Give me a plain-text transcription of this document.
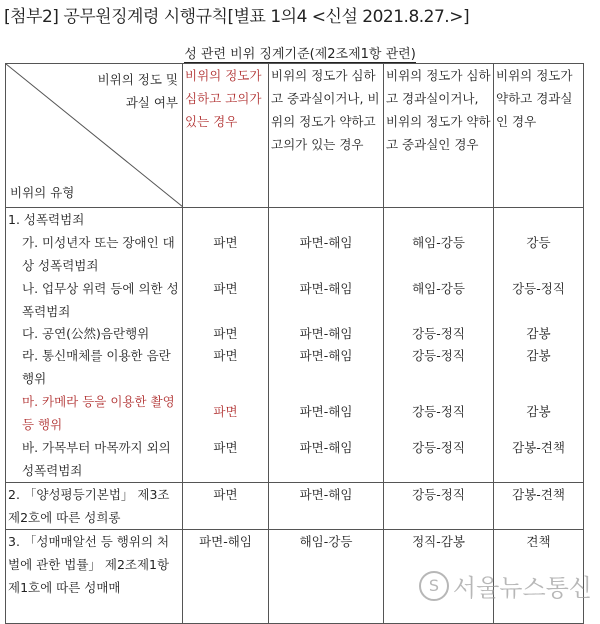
[첨부2] 공무원징계령 시행규칙[별표 1의4 <신설 2021.8.27.>]
성 관련 비위 징계기준(제2조제1항 관련)
비위의 정도 및
과실 여부
비위의 유형	비위의 정도가 심하고 고의가 있는 경우	비위의 정도가 심하고 중과실이거나, 비위의 정도가 약하고 고의가 있는 경우	비위의 정도가 심하고 경과실이거나, 비위의 정도가 약하고 중과실인 경우	비위의 정도가 약하고 경과실인 경우
1. 성폭력범죄				
가. 미성년자 또는 장애인 대상 성폭력범죄	파면	파면-해임	해임-강등	강등
나. 업무상 위력 등에 의한 성폭력범죄	파면	파면-해임	해임-강등	강등-정직
다. 공연(公然)음란행위	파면	파면-해임	강등-정직	감봉
라. 통신매체를 이용한 음란행위	파면	파면-해임	강등-정직	감봉
마. 카메라 등을 이용한 촬영 등 행위	파면	파면-해임	강등-정직	감봉
바. 가목부터 마목까지 외의 성폭력범죄	파면	파면-해임	강등-정직	감봉-견책
2. 「양성평등기본법」 제3조제2호에 따른 성희롱	파면	파면-해임	강등-정직	감봉-견책
3. 「성매매알선 등 행위의 처벌에 관한 법률」 제2조제1항제1호에 따른 성매매	파면-해임	해임-강등	정직-감봉	견책
S 서울뉴스통신
